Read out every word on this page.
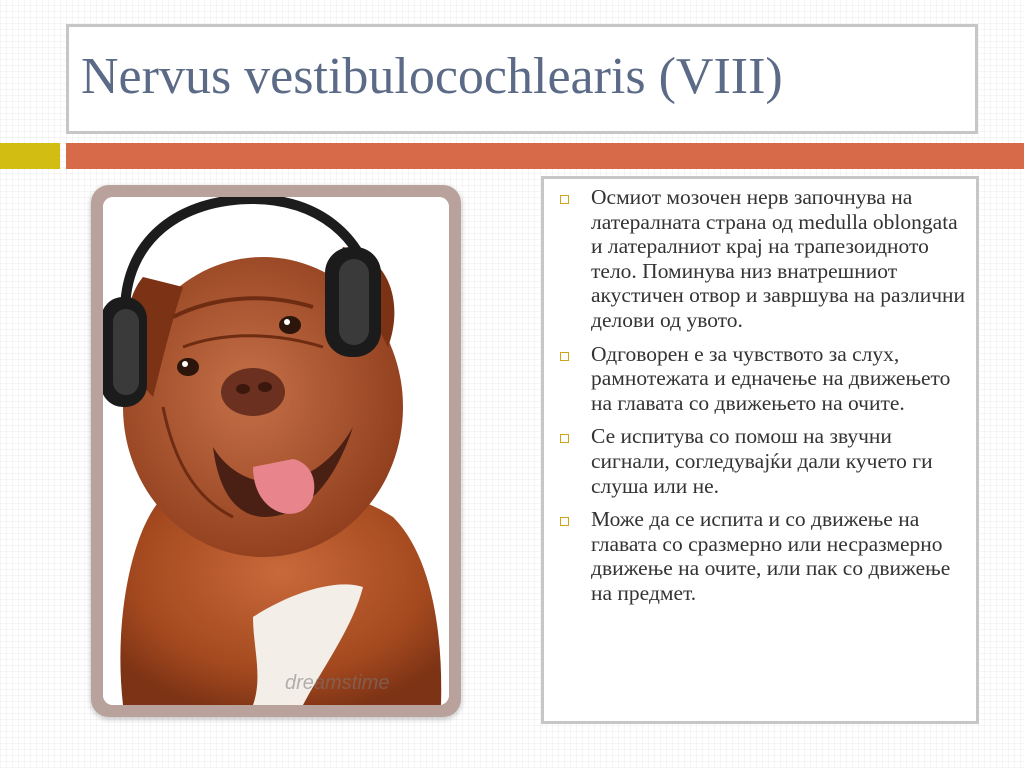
Nervus vestibulocochlearis (VIII)
dreamstime
Осмиот мозочен нерв започнува на латералната страна од medulla oblongata и латералниот крај на трапезоидното тело. Поминува низ внатрешниот акустичен отвор и завршува на различни делови од увото.
Одговорен е за чувството за слух, рамнотежата и едначење на движењето на главата со движењето на очите.
Се испитува со помош на звучни сигнали, согледувајќи дали кучето ги слуша или не.
Може да се испита и со движење на главата со сразмерно или несразмерно движење на очите, или пак со движење на предмет.
